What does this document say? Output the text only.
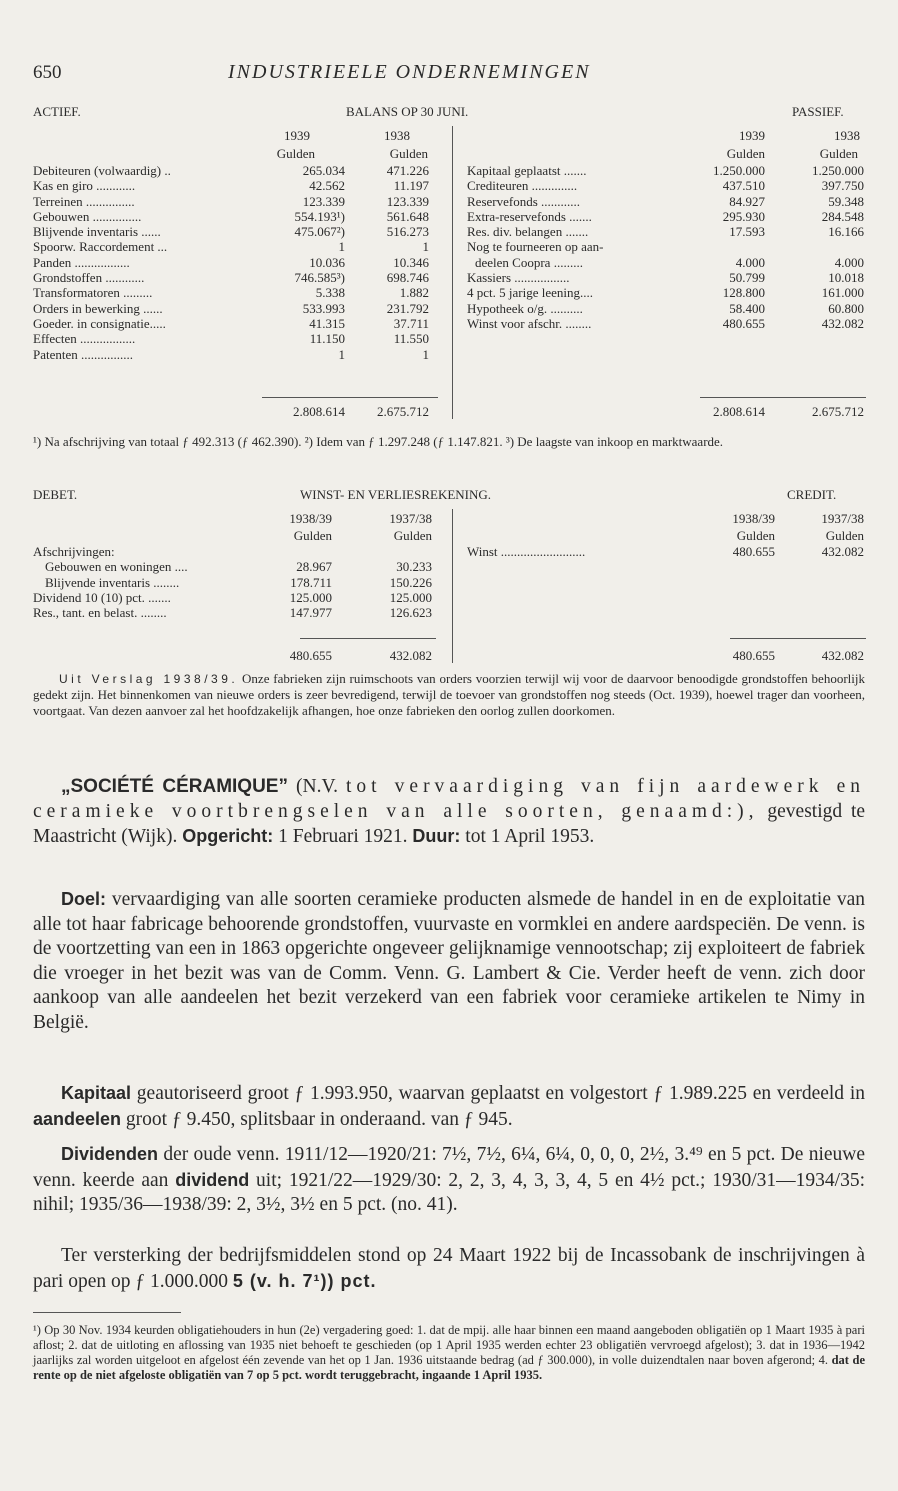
650	INDUSTRIEELE ONDERNEMINGEN
ACTIEF.	BALANS OP 30 JUNI.	PASSIEF.
1939	1938
Gulden	Gulden
1939	1938
Gulden	Gulden
Debiteuren (volwaardig) ..	265.034	471.226
Kas en giro ............	42.562	11.197
Terreinen ...............	123.339	123.339
Gebouwen ...............	554.193¹)	561.648
Blijvende inventaris ......	475.067²)	516.273
Spoorw. Raccordement ...	1	1
Panden .................	10.036	10.346
Grondstoffen ............	746.585³)	698.746
Transformatoren .........	5.338	1.882
Orders in bewerking ......	533.993	231.792
Goeder. in consignatie.....	41.315	37.711
Effecten .................	11.150	11.550
Patenten ................	1	1
Kapitaal geplaatst .......	1.250.000	1.250.000
Crediteuren ..............	437.510	397.750
Reservefonds ............	84.927	59.348
Extra-reservefonds .......	295.930	284.548
Res. div. belangen .......	17.593	16.166
Nog te fourneeren op aan-
deelen Coopra .........	4.000	4.000
Kassiers .................	50.799	10.018
4 pct. 5 jarige leening....	128.800	161.000
Hypotheek o/g. ..........	58.400	60.800
Winst voor afschr. ........	480.655	432.082
2.808.614	2.675.712	2.808.614	2.675.712
¹) Na afschrijving van totaal ƒ 492.313 (ƒ 462.390). ²) Idem van ƒ 1.297.248 (ƒ 1.147.821. ³) De laagste van inkoop en marktwaarde.
DEBET.	WINST- EN VERLIESREKENING.	CREDIT.
1938/39	1937/38
Gulden	Gulden
1938/39	1937/38
Gulden	Gulden
Afschrijvingen:
Gebouwen en woningen ....	28.967	30.233
Blijvende inventaris ........	178.711	150.226
Dividend 10 (10) pct. .......	125.000	125.000
Res., tant. en belast. ........	147.977	126.623
Winst ..........................	480.655	432.082
480.655	432.082	480.655	432.082
Uit Verslag 1938/39. Onze fabrieken zijn ruimschoots van orders voorzien terwijl wij voor de daarvoor benoodigde grondstoffen behoorlijk gedekt zijn. Het binnenkomen van nieuwe orders is zeer bevredigend, terwijl de toevoer van grondstoffen nog steeds (Oct. 1939), hoewel trager dan voorheen, voortgaat. Van dezen aanvoer zal het hoofdzakelijk afhangen, hoe onze fabrieken den oorlog zullen doorkomen.

„SOCIÉTÉ CÉRAMIQUE” (N.V. tot vervaardiging van fijn aardewerk en ceramieke voortbrengselen van alle soorten, genaamd:), gevestigd te Maastricht (Wijk). Opgericht: 1 Februari 1921. Duur: tot 1 April 1953.

Doel: vervaardiging van alle soorten ceramieke producten alsmede de handel in en de exploitatie van alle tot haar fabricage behoorende grondstoffen, vuurvaste en vormklei en andere aardspeciën. De venn. is de voortzetting van een in 1863 opgerichte ongeveer gelijknamige vennootschap; zij exploiteert de fabriek die vroeger in het bezit was van de Comm. Venn. G. Lambert & Cie. Verder heeft de venn. zich door aankoop van alle aandeelen het bezit verzekerd van een fabriek voor ceramieke artikelen te Nimy in België.

Kapitaal geautoriseerd groot ƒ 1.993.950, waarvan geplaatst en volgestort ƒ 1.989.225 en verdeeld in aandeelen groot ƒ 9.450, splitsbaar in onderaand. van ƒ 945.

Dividenden der oude venn. 1911/12—1920/21: 7½, 7½, 6¼, 6¼, 0, 0, 0, 2½, 3.⁴⁹ en 5 pct. De nieuwe venn. keerde aan dividend uit; 1921/22—1929/30: 2, 2, 3, 4, 3, 3, 4, 5 en 4½ pct.; 1930/31—1934/35: nihil; 1935/36—1938/39: 2, 3½, 3½ en 5 pct. (no. 41).

Ter versterking der bedrijfsmiddelen stond op 24 Maart 1922 bij de Incassobank de inschrijvingen à pari open op ƒ 1.000.000 5 (v. h. 7¹)) pct.

¹) Op 30 Nov. 1934 keurden obligatiehouders in hun (2e) vergadering goed: 1. dat de mpij. alle haar binnen een maand aangeboden obligatiën op 1 Maart 1935 à pari aflost; 2. dat de uitloting en aflossing van 1935 niet behoeft te geschieden (op 1 April 1935 werden echter 23 obligatiën vervroegd afgelost); 3. dat in 1936—1942 jaarlijks zal worden uitgeloot en afgelost één zevende van het op 1 Jan. 1936 uitstaande bedrag (ad ƒ 300.000), in volle duizendtalen naar boven afgerond; 4. dat de rente op de niet afgeloste obligatiën van 7 op 5 pct. wordt teruggebracht, ingaande 1 April 1935.
